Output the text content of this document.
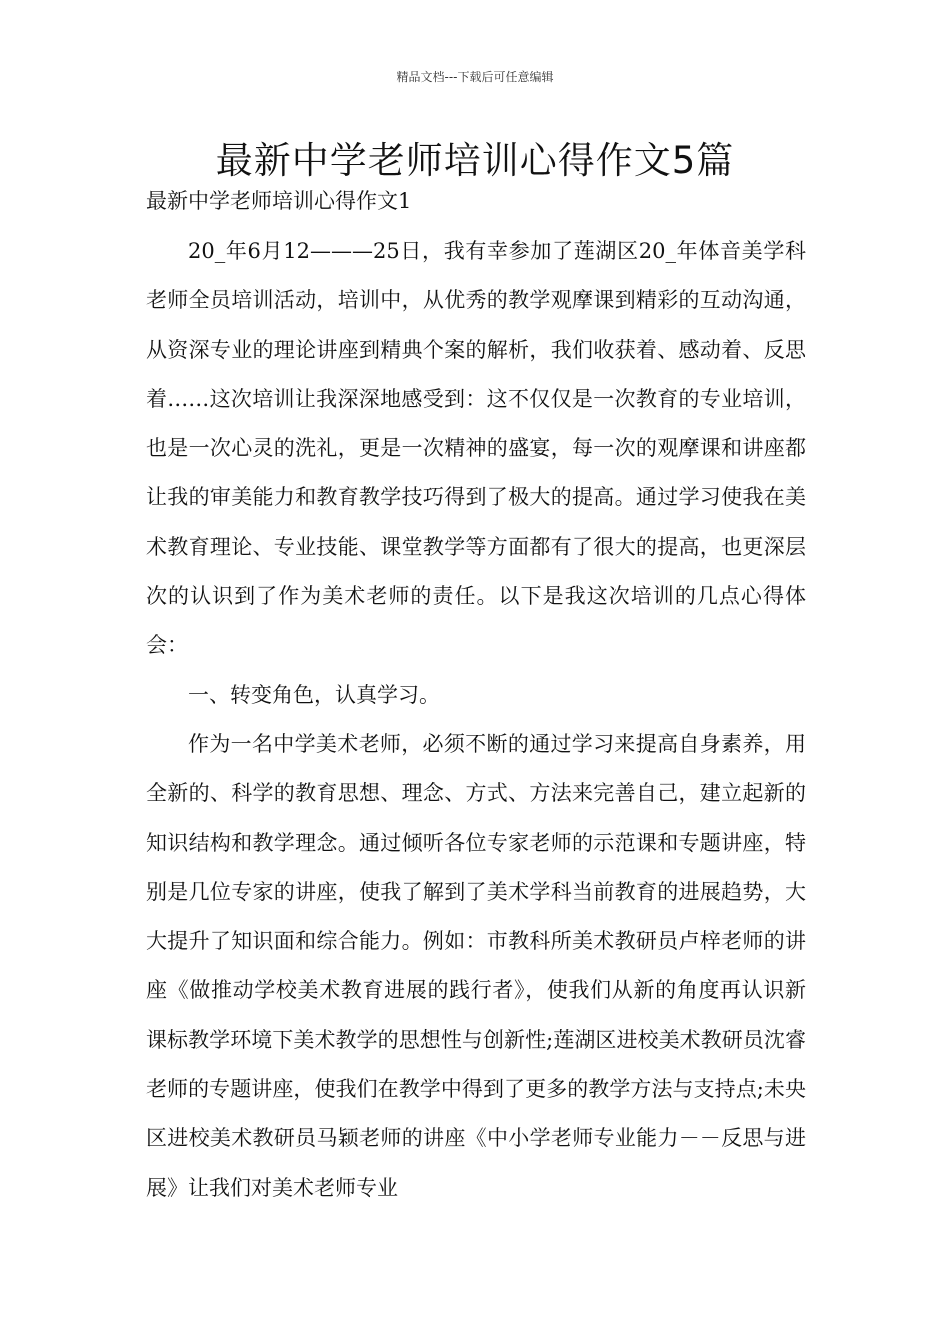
精品文档---下载后可任意编辑
最新中学老师培训心得作文5篇
最新中学老师培训心得作文1

20_年6月12———25日，我有幸参加了莲湖区20_年体音美学科老师全员培训活动，培训中，从优秀的教学观摩课到精彩的互动沟通，从资深专业的理论讲座到精典个案的解析，我们收获着、感动着、反思着……这次培训让我深深地感受到：这不仅仅是一次教育的专业培训，也是一次心灵的洗礼，更是一次精神的盛宴，每一次的观摩课和讲座都让我的审美能力和教育教学技巧得到了极大的提高。通过学习使我在美术教育理论、专业技能、课堂教学等方面都有了很大的提高，也更深层次的认识到了作为美术老师的责任。以下是我这次培训的几点心得体会：

一、转变角色，认真学习。

作为一名中学美术老师，必须不断的通过学习来提高自身素养，用全新的、科学的教育思想、理念、方式、方法来完善自己，建立起新的知识结构和教学理念。通过倾听各位专家老师的示范课和专题讲座，特别是几位专家的讲座，使我了解到了美术学科当前教育的进展趋势，大大提升了知识面和综合能力。例如：市教科所美术教研员卢梓老师的讲座《做推动学校美术教育进展的践行者》，使我们从新的角度再认识新课标教学环境下美术教学的思想性与创新性;莲湖区进校美术教研员沈睿老师的专题讲座，使我们在教学中得到了更多的教学方法与支持点;未央区进校美术教研员马颖老师的讲座《中小学老师专业能力－－反思与进展》让我们对美术老师专业
